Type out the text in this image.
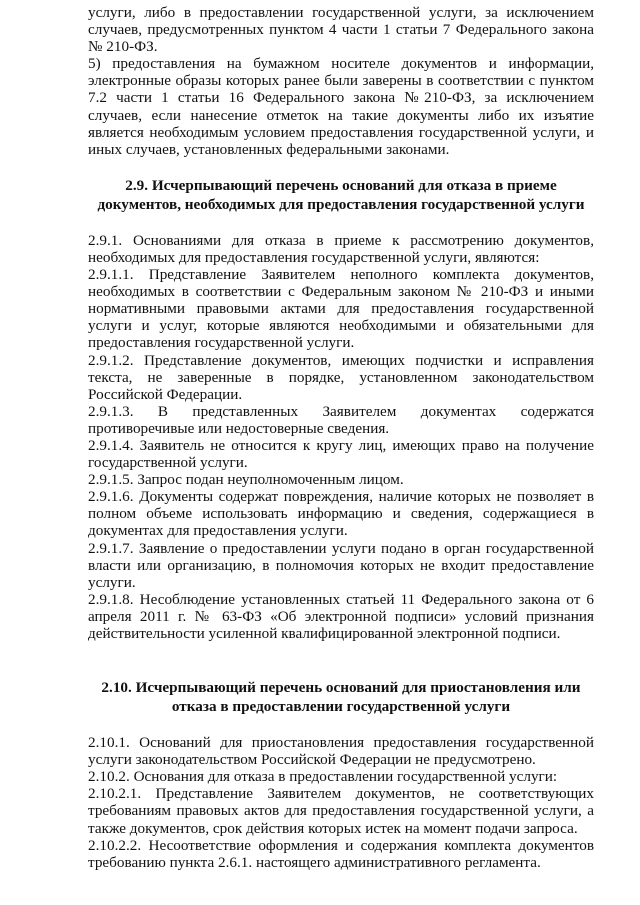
услуги, либо в предоставлении государственной услуги, за исключением случаев, предусмотренных пунктом 4 части 1 статьи 7 Федерального закона № 210-ФЗ.

5) предоставления на бумажном носителе документов и информации, электронные образы которых ранее были заверены в соответствии с пунктом 7.2 части 1 статьи 16 Федерального закона №210-ФЗ, за исключением случаев, если нанесение отметок на такие документы либо их изъятие является необходимым условием предоставления государственной услуги, и иных случаев, установленных федеральными законами.

2.9. Исчерпывающий перечень оснований для отказа в приеме документов, необходимых для предоставления государственной услуги

2.9.1. Основаниями для отказа в приеме к рассмотрению документов, необходимых для предоставления государственной услуги, являются:

2.9.1.1. Представление Заявителем неполного комплекта документов, необходимых в соответствии с Федеральным законом № 210-ФЗ и иными нормативными правовыми актами для предоставления государственной услуги и услуг, которые являются необходимыми и обязательными для предоставления государственной услуги.

2.9.1.2. Представление документов, имеющих подчистки и исправления текста, не заверенные в порядке, установленном законодательством Российской Федерации.

2.9.1.3. В представленных Заявителем документах содержатся противоречивые или недостоверные сведения.

2.9.1.4. Заявитель не относится к кругу лиц, имеющих право на получение государственной услуги.

2.9.1.5. Запрос подан неуполномоченным лицом.

2.9.1.6. Документы содержат повреждения, наличие которых не позволяет в полном объеме использовать информацию и сведения, содержащиеся в документах для предоставления услуги.

2.9.1.7. Заявление о предоставлении услуги подано в орган государственной власти или организацию, в полномочия которых не входит предоставление услуги.

2.9.1.8. Несоблюдение установленных статьей 11 Федерального закона от 6 апреля 2011 г. № 63-ФЗ «Об электронной подписи» условий признания действительности усиленной квалифицированной электронной подписи.

2.10. Исчерпывающий перечень оснований для приостановления или отказа в предоставлении государственной услуги

2.10.1. Оснований для приостановления предоставления государственной услуги законодательством Российской Федерации не предусмотрено.

2.10.2. Основания для отказа в предоставлении государственной услуги:

2.10.2.1. Представление Заявителем документов, не соответствующих требованиям правовых актов для предоставления государственной услуги, а также документов, срок действия которых истек на момент подачи запроса.

2.10.2.2. Несоответствие оформления и содержания комплекта документов требованию пункта 2.6.1. настоящего административного регламента.
